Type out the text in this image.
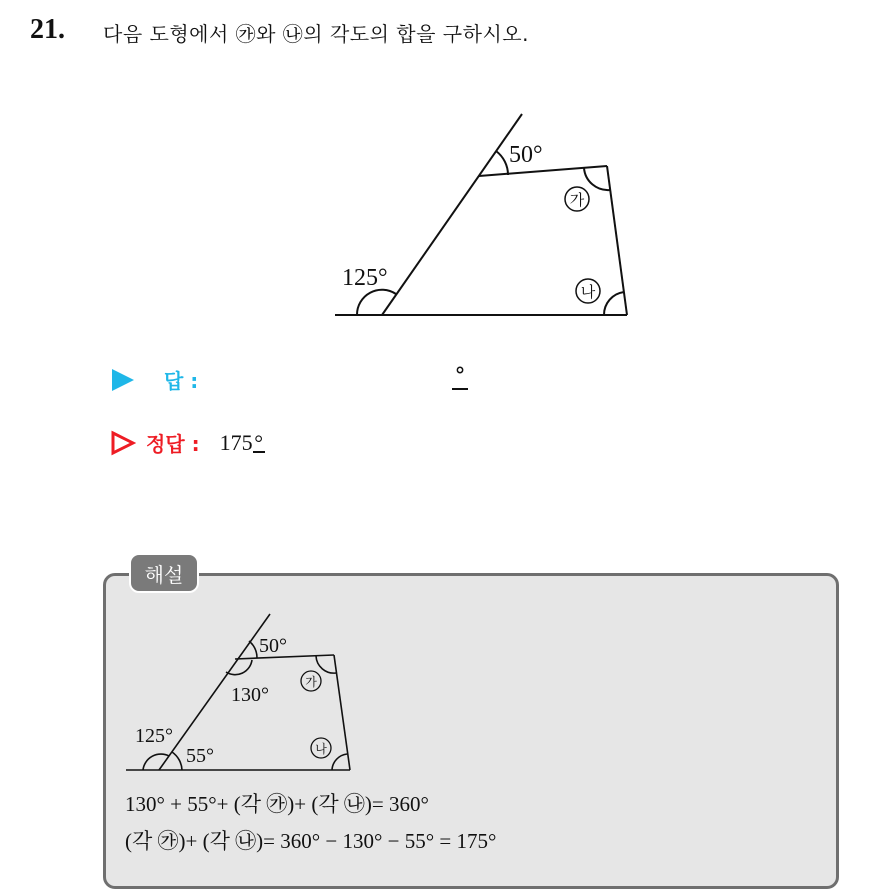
21. 다음 도형에서 ㉮와 ㉯의 각도의 합을 구하시오.
50°
125°
가
나
답 :	°
정답 : 175°
해설
50°
130°
125°
55°
가
나
130° + 55°+ (각 ㉮)+ (각 ㉯)= 360°
(각 ㉮)+ (각 ㉯)= 360° − 130° − 55° = 175°
